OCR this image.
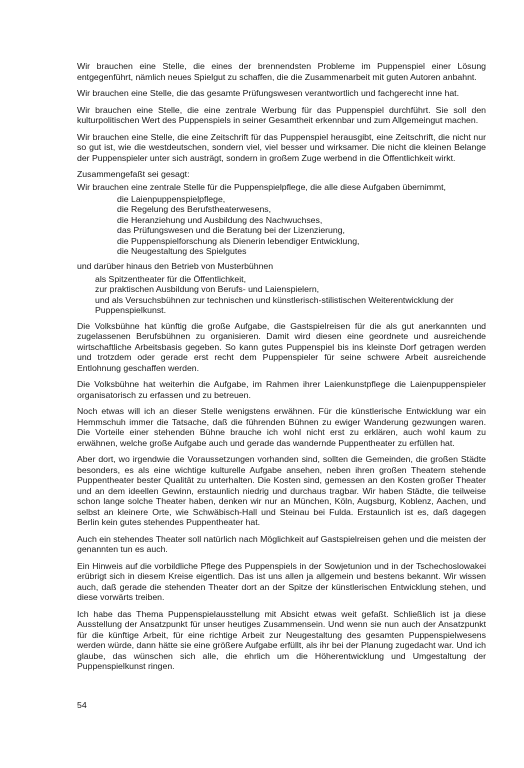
Wir brauchen eine Stelle, die eines der brennendsten Probleme im Puppenspiel einer Lösung entgegenführt, nämlich neues Spielgut zu schaffen, die die Zusammenarbeit mit guten Autoren anbahnt.

Wir brauchen eine Stelle, die das gesamte Prüfungswesen verantwortlich und fachgerecht inne hat.

Wir brauchen eine Stelle, die eine zentrale Werbung für das Puppenspiel durchführt. Sie soll den kulturpolitischen Wert des Puppenspiels in seiner Gesamtheit erkennbar und zum Allgemeingut machen.

Wir brauchen eine Stelle, die eine Zeitschrift für das Puppenspiel herausgibt, eine Zeitschrift, die nicht nur so gut ist, wie die westdeutschen, sondern viel, viel besser und wirksamer. Die nicht die kleinen Belange der Puppenspieler unter sich austrägt, sondern in großem Zuge werbend in die Öffentlichkeit wirkt.

Zusammengefaßt sei gesagt:

Wir brauchen eine zentrale Stelle für die Puppenspielpflege, die alle diese Aufgaben übernimmt,

die Laienpuppenspielpflege,
die Regelung des Berufstheaterwesens,
die Heranziehung und Ausbildung des Nachwuchses,
das Prüfungswesen und die Beratung bei der Lizenzierung,
die Puppenspielforschung als Dienerin lebendiger Entwicklung,
die Neugestaltung des Spielgutes

und darüber hinaus den Betrieb von Musterbühnen

als Spitzentheater für die Öffentlichkeit,
zur praktischen Ausbildung von Berufs- und Laienspielern,
und als Versuchsbühnen zur technischen und künstlerisch-stilistischen Weiterentwicklung der Puppenspielkunst.

Die Volksbühne hat künftig die große Aufgabe, die Gastspielreisen für die als gut anerkannten und zugelassenen Berufsbühnen zu organisieren. Damit wird diesen eine geordnete und ausreichende wirtschaftliche Arbeitsbasis gegeben. So kann gutes Puppenspiel bis ins kleinste Dorf getragen werden und trotzdem oder gerade erst recht dem Puppenspieler für seine schwere Arbeit ausreichende Entlohnung geschaffen werden.

Die Volksbühne hat weiterhin die Aufgabe, im Rahmen ihrer Laienkunstpflege die Laienpuppenspieler organisatorisch zu erfassen und zu betreuen.

Noch etwas will ich an dieser Stelle wenigstens erwähnen. Für die künstlerische Entwicklung war ein Hemmschuh immer die Tatsache, daß die führenden Bühnen zu ewiger Wanderung gezwungen waren. Die Vorteile einer stehenden Bühne brauche ich wohl nicht erst zu erklären, auch wohl kaum zu erwähnen, welche große Aufgabe auch und gerade das wandernde Puppentheater zu erfüllen hat.

Aber dort, wo irgendwie die Voraussetzungen vorhanden sind, sollten die Gemeinden, die großen Städte besonders, es als eine wichtige kulturelle Aufgabe ansehen, neben ihren großen Theatern stehende Puppentheater bester Qualität zu unterhalten. Die Kosten sind, gemessen an den Kosten großer Theater und an dem ideellen Gewinn, erstaunlich niedrig und durchaus tragbar. Wir haben Städte, die teilweise schon lange solche Theater haben, denken wir nur an München, Köln, Augsburg, Koblenz, Aachen, und selbst an kleinere Orte, wie Schwäbisch-Hall und Steinau bei Fulda. Erstaunlich ist es, daß dagegen Berlin kein gutes stehendes Puppentheater hat.

Auch ein stehendes Theater soll natürlich nach Möglichkeit auf Gastspielreisen gehen und die meisten der genannten tun es auch.

Ein Hinweis auf die vorbildliche Pflege des Puppenspiels in der Sowjetunion und in der Tschechoslowakei erübrigt sich in diesem Kreise eigentlich. Das ist uns allen ja allgemein und bestens bekannt. Wir wissen auch, daß gerade die stehenden Theater dort an der Spitze der künstlerischen Entwicklung stehen, und diese vorwärts treiben.

Ich habe das Thema Puppenspielausstellung mit Absicht etwas weit gefaßt. Schließlich ist ja diese Ausstellung der Ansatzpunkt für unser heutiges Zusammensein. Und wenn sie nun auch der Ansatzpunkt für die künftige Arbeit, für eine richtige Arbeit zur Neugestaltung des gesamten Puppenspielwesens werden würde, dann hätte sie eine größere Aufgabe erfüllt, als ihr bei der Planung zugedacht war. Und ich glaube, das wünschen sich alle, die ehrlich um die Höherentwicklung und Umgestaltung der Puppenspielkunst ringen.

54
